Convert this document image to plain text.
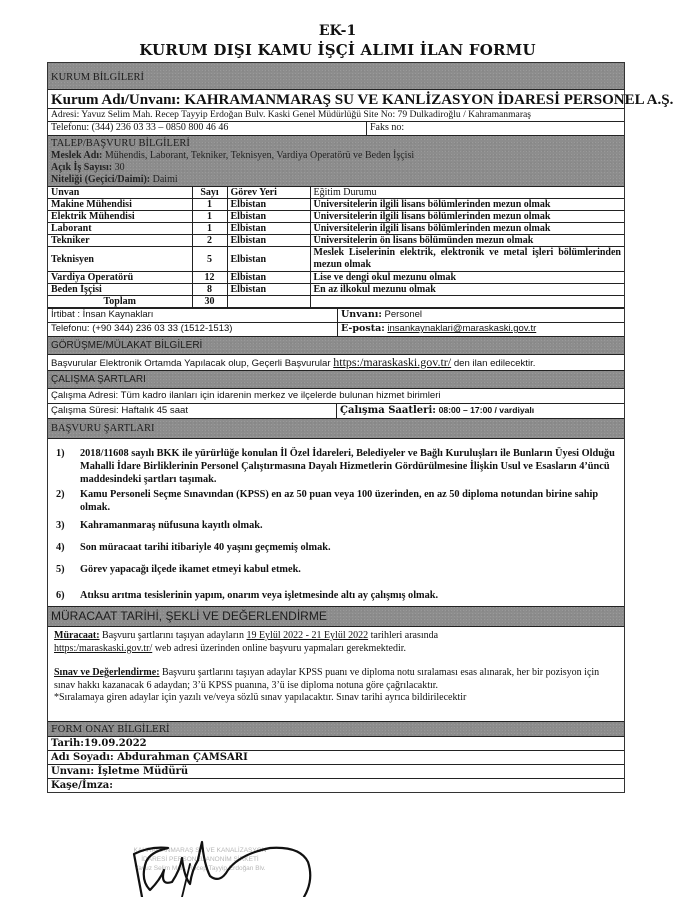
EK-1
KURUM DIŞI KAMU İŞÇİ ALIMI İLAN FORMU
KURUM BİLGİLERİ
Kurum Adı/Unvanı: KAHRAMANMARAŞ SU VE KANLİZASYON İDARESİ PERSONEL A.Ş.
Adresi: Yavuz Selim Mah. Recep Tayyip Erdoğan Bulv. Kaski Genel Müdürlüğü Site No: 79 Dulkadiroğlu / Kahramanmaraş
Telefonu: (344) 236 03 33 – 0850 800 46 46	Faks no:
TALEP/BAŞVURU BİLGİLERİ
Meslek Adı: Mühendis, Laborant, Tekniker, Teknisyen, Vardiya Operatörü ve Beden İşçisi
Açık İş Sayısı: 30
Niteliği (Geçici/Daimi): Daimi
Unvan	Sayı	Görev Yeri	Eğitim Durumu
Makine Mühendisi	1	Elbistan	Üniversitelerin ilgili lisans bölümlerinden mezun olmak
Elektrik Mühendisi	1	Elbistan	Üniversitelerin ilgili lisans bölümlerinden mezun olmak
Laborant	1	Elbistan	Üniversitelerin ilgili lisans bölümlerinden mezun olmak
Tekniker	2	Elbistan	Üniversitelerin ön lisans bölümünden mezun olmak
Teknisyen	5	Elbistan	Meslek Liselerinin elektrik, elektronik ve metal işleri bölümlerinden mezun olmak
Vardiya Operatörü	12	Elbistan	Lise ve dengi okul mezunu olmak
Beden İşçisi	8	Elbistan	En az ilkokul mezunu olmak
Toplam	30		
İrtibat : İnsan Kaynakları	Unvanı: Personel
Telefonu: (+90 344) 236 03 33 (1512-1513)	E-posta: insankaynaklari@maraskaski.gov.tr
GÖRÜŞME/MÜLAKAT BİLGİLERİ
Başvurular Elektronik Ortamda Yapılacak olup, Geçerli Başvurular https:/maraskaski.gov.tr/ den ilan edilecektir.
ÇALIŞMA ŞARTLARI
Çalışma Adresi: Tüm kadro ilanları için idarenin merkez ve ilçelerde bulunan hizmet birimleri
Çalışma Süresi: Haftalık 45 saat	Çalışma Saatleri: 08:00 – 17:00 / vardiyalı
BAŞVURU ŞARTLARI
1)	2018/11608 sayılı BKK ile yürürlüğe konulan İl Özel İdareleri, Belediyeler ve Bağlı Kuruluşları ile Bunların Üyesi Olduğu Mahalli İdare Birliklerinin Personel Çalıştırmasına Dayalı Hizmetlerin Gördürülmesine İlişkin Usul ve Esasların 4’üncü maddesindeki şartları taşımak.
2)	Kamu Personeli Seçme Sınavından (KPSS) en az 50 puan veya 100 üzerinden, en az 50 diploma notundan birine sahip olmak.
3)	Kahramanmaraş nüfusuna kayıtlı olmak.
4)	Son müracaat tarihi itibariyle 40 yaşını geçmemiş olmak.
5)	Görev yapacağı ilçede ikamet etmeyi kabul etmek.
6)	Atıksu arıtma tesislerinin yapım, onarım veya işletmesinde altı ay çalışmış olmak.
MÜRACAAT TARİHİ, ŞEKLİ VE DEĞERLENDİRME
Müracaat: Başvuru şartlarını taşıyan adayların 19 Eylül 2022 - 21 Eylül 2022 tarihleri arasında
https:/maraskaski.gov.tr/ web adresi üzerinden online başvuru yapmaları gerekmektedir.
Sınav ve Değerlendirme: Başvuru şartlarını taşıyan adaylar KPSS puanı ve diploma notu sıralaması esas alınarak, her bir pozisyon için sınav hakkı kazanacak 6 adaydan; 3’ü KPSS puanına, 3’ü ise diploma notuna göre çağrılacaktır.
*Sıralamaya giren adaylar için yazılı ve/veya sözlü sınav yapılacaktır. Sınav tarihi ayrıca bildirilecektir
FORM ONAY BİLGİLERİ
Tarih:19.09.2022
Adı Soyadı: Abdurahman ÇAMSARI
Unvanı: İşletme Müdürü
Kaşe/İmza:
KAHRAMANMARAŞ SU VE KANALİZASYON
İDARESİ PERSONEL ANONİM ŞİRKETİ
Yavuz Selim Mah. Recep Tayyip Erdoğan Blv.
